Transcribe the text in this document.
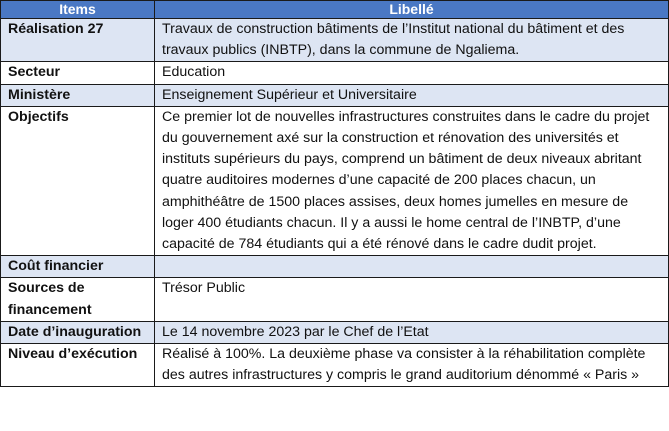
Items	Libellé
Réalisation 27	Travaux de construction bâtiments de l’Institut national du bâtiment et des travaux publics (INBTP), dans la commune de Ngaliema.
Secteur	Education
Ministère	Enseignement Supérieur et Universitaire
Objectifs	Ce premier lot de nouvelles infrastructures construites dans le cadre du projet du gouvernement axé sur la construction et rénovation des universités et instituts supérieurs du pays, comprend un bâtiment de deux niveaux abritant quatre auditoires modernes d’une capacité de 200 places chacun, un amphithéâtre de 1500 places assises, deux homes jumelles en mesure de loger 400 étudiants chacun. Il y a aussi le home central de l’INBTP, d’une capacité de 784 étudiants qui a été rénové dans le cadre dudit projet.
Coût financier	
Sources de financement	Trésor Public
Date d’inauguration	Le 14 novembre 2023 par le Chef de l’Etat
Niveau d’exécution	Réalisé à 100%. La deuxième phase va consister à la réhabilitation complète des autres infrastructures y compris le grand auditorium dénommé « Paris »
